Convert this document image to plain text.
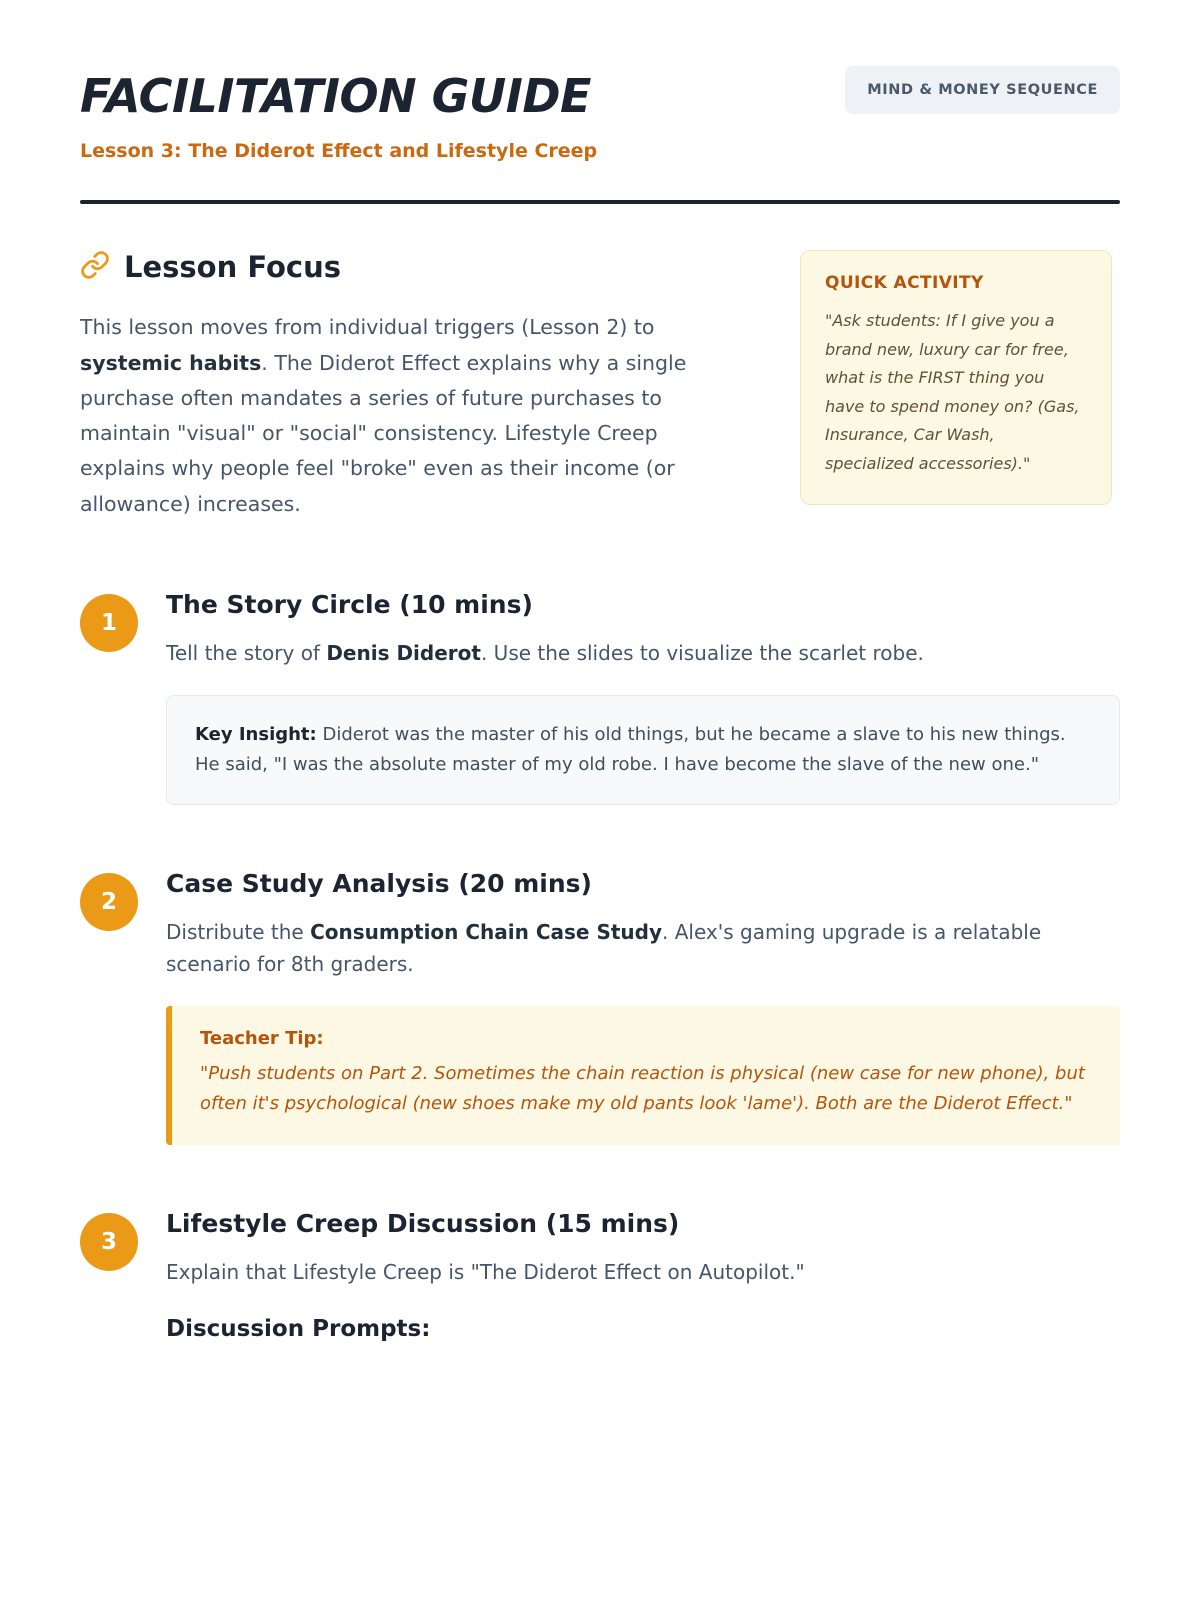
FACILITATION GUIDE

Lesson 3: The Diderot Effect and Lifestyle Creep

MIND & MONEY SEQUENCE
Lesson Focus

This lesson moves from individual triggers (Lesson 2) to systemic habits. The Diderot Effect explains why a single purchase often mandates a series of future purchases to maintain "visual" or "social" consistency. Lifestyle Creep explains why people feel "broke" even as their income (or allowance) increases.

QUICK ACTIVITY

"Ask students: If I give you a brand new, luxury car for free, what is the FIRST thing you have to spend money on? (Gas, Insurance, Car Wash, specialized accessories)."

1
The Story Circle (10 mins)

Tell the story of Denis Diderot. Use the slides to visualize the scarlet robe.

Key Insight: Diderot was the master of his old things, but he became a slave to his new things. He said, "I was the absolute master of my old robe. I have become the slave of the new one."
2
Case Study Analysis (20 mins)

Distribute the Consumption Chain Case Study. Alex's gaming upgrade is a relatable scenario for 8th graders.

Teacher Tip:

"Push students on Part 2. Sometimes the chain reaction is physical (new case for new phone), but often it's psychological (new shoes make my old pants look 'lame'). Both are the Diderot Effect."

3
Lifestyle Creep Discussion (15 mins)

Explain that Lifestyle Creep is "The Diderot Effect on Autopilot."

Discussion Prompts:
